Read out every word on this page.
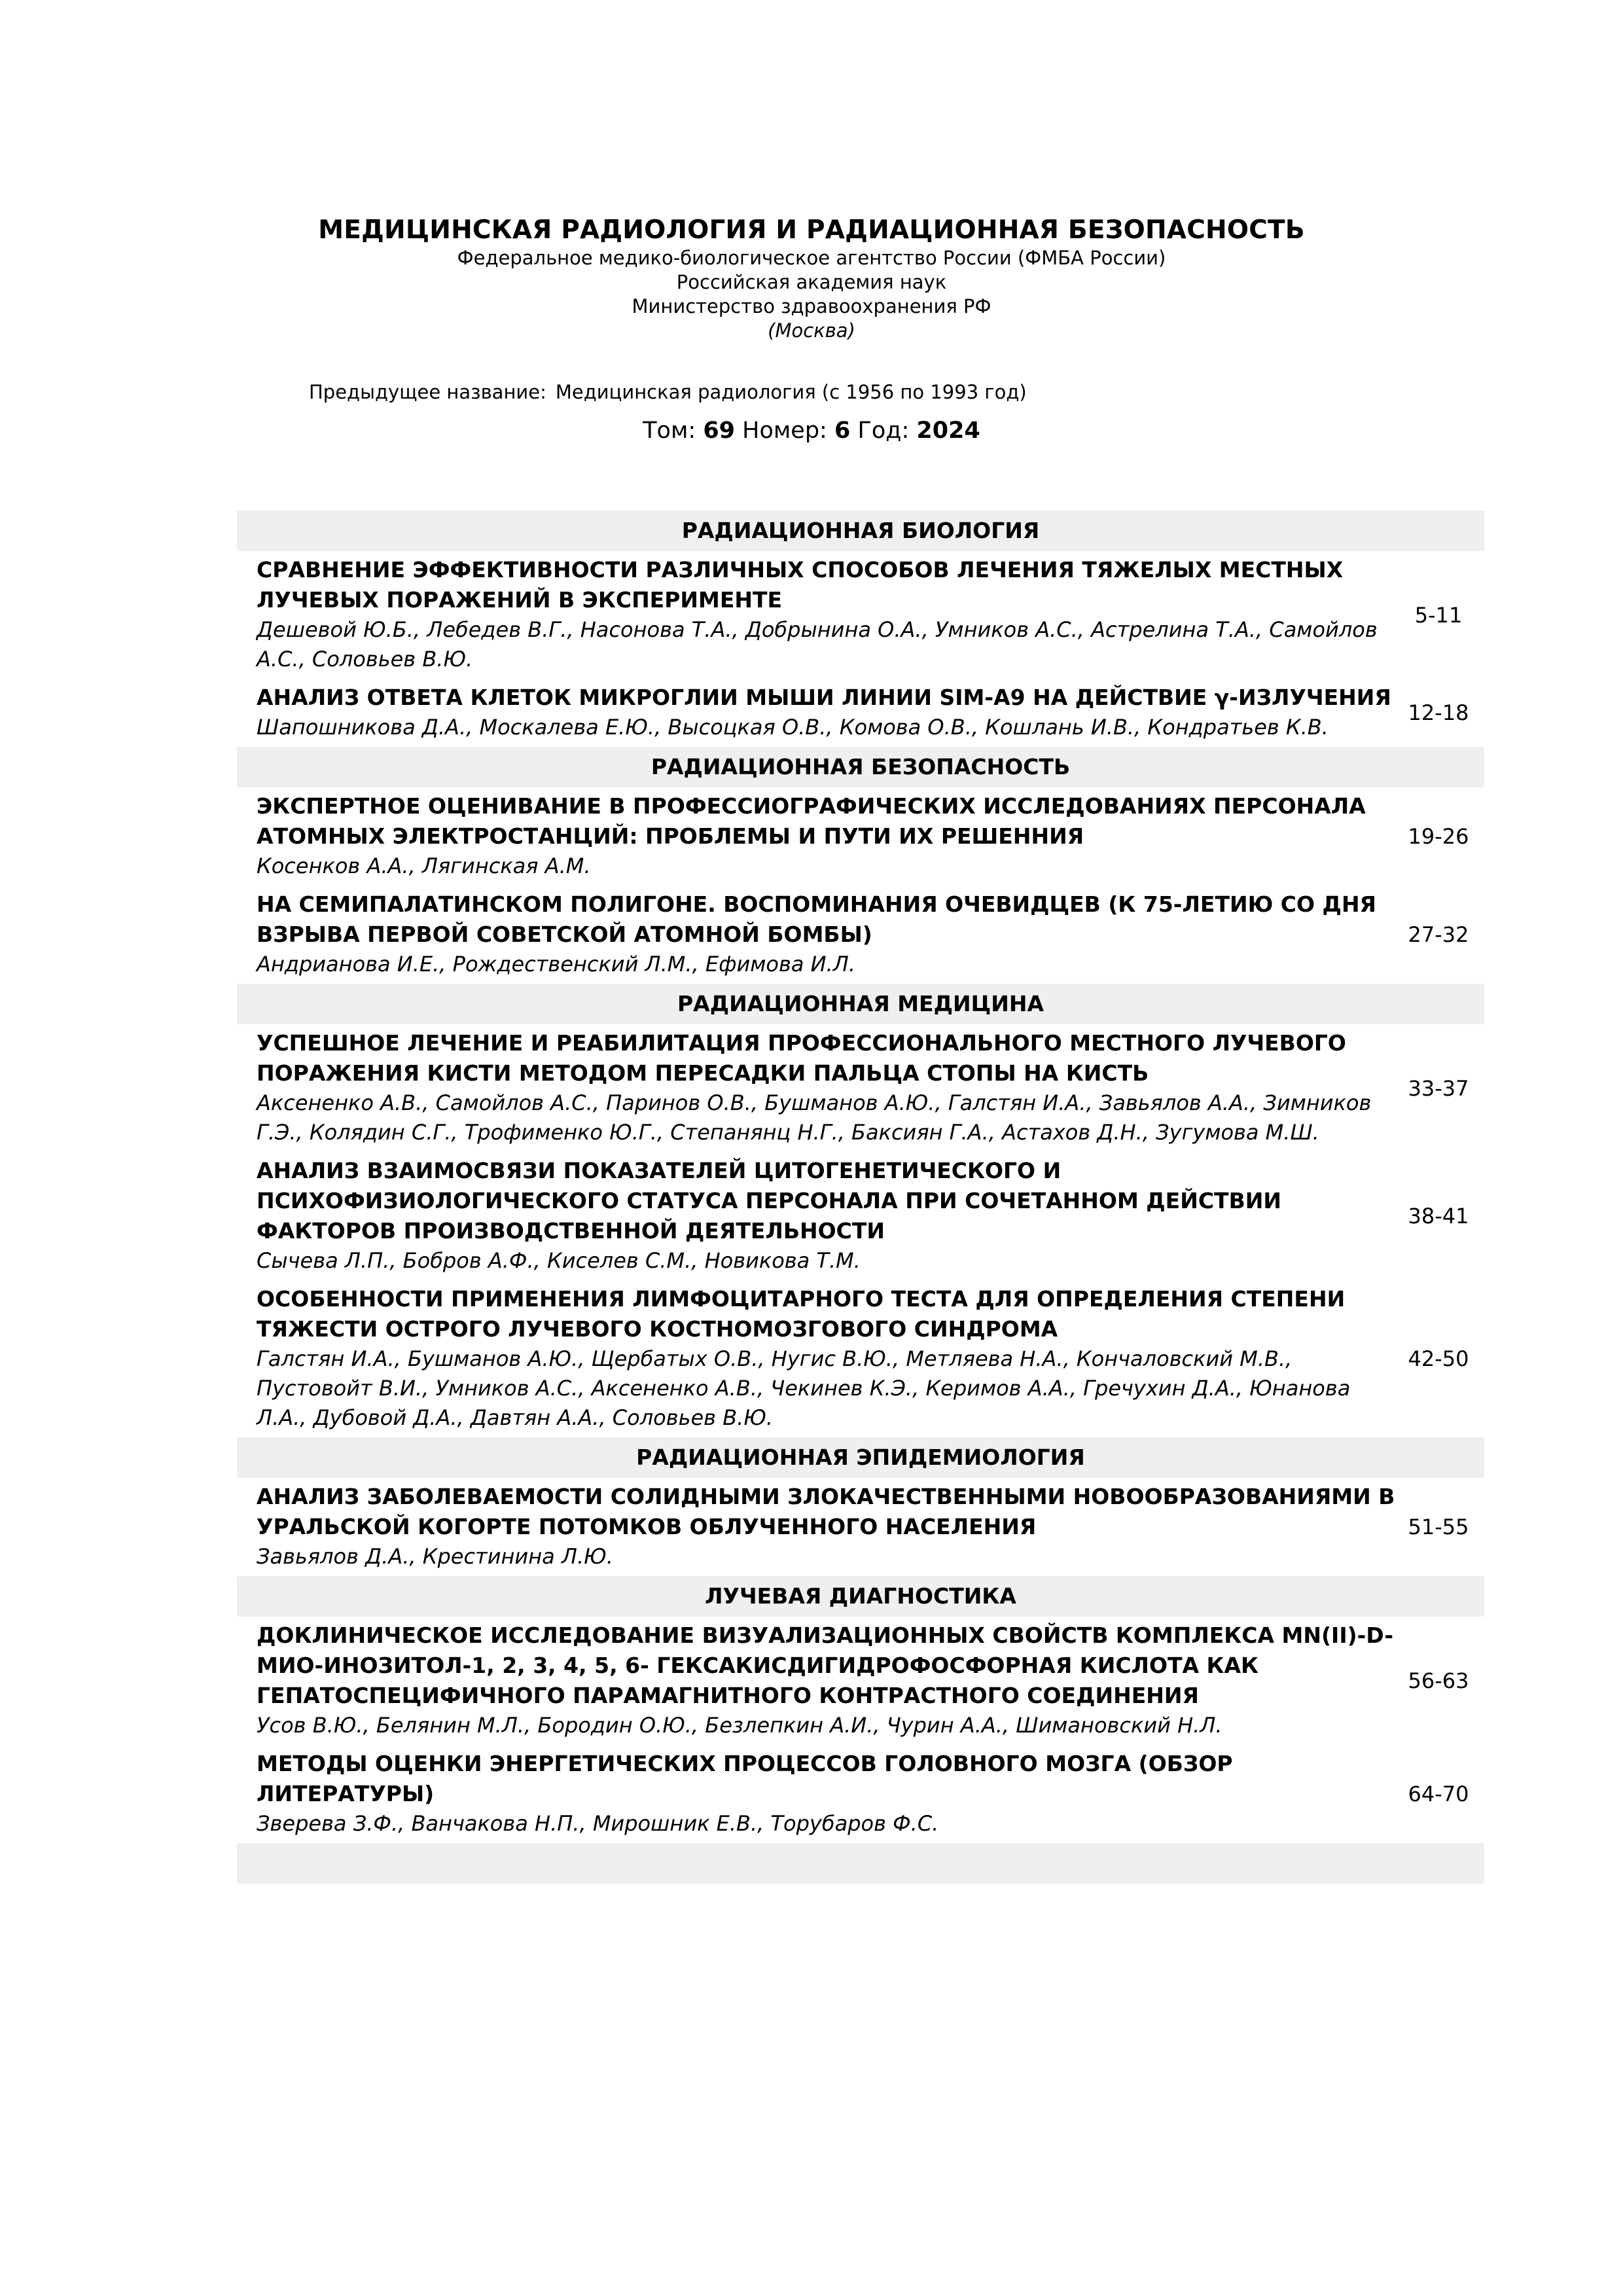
МЕДИЦИНСКАЯ РАДИОЛОГИЯ И РАДИАЦИОННАЯ БЕЗОПАСНОСТЬ
Федеральное медико-биологическое агентство России (ФМБА России)
Российская академия наук
Министерство здравоохранения РФ
(Москва)
Предыдущее название: Медицинская радиология (с 1956 по 1993 год)
Том: 69 Номер: 6 Год: 2024
РАДИАЦИОННАЯ БИОЛОГИЯ
СРАВНЕНИЕ ЭФФЕКТИВНОСТИ РАЗЛИЧНЫХ СПОСОБОВ ЛЕЧЕНИЯ ТЯЖЕЛЫХ МЕСТНЫХ ЛУЧЕВЫХ ПОРАЖЕНИЙ В ЭКСПЕРИМЕНТЕ
Дешевой Ю.Б., Лебедев В.Г., Насонова Т.А., Добрынина О.А., Умников А.С., Астрелина Т.А., Самойлов А.С., Соловьев В.Ю.
5-11
АНАЛИЗ ОТВЕТА КЛЕТОК МИКРОГЛИИ МЫШИ ЛИНИИ SIM-A9 НА ДЕЙСТВИЕ γ-ИЗЛУЧЕНИЯ
Шапошникова Д.А., Москалева Е.Ю., Высоцкая О.В., Комова О.В., Кошлань И.В., Кондратьев К.В.
12-18
РАДИАЦИОННАЯ БЕЗОПАСНОСТЬ
ЭКСПЕРТНОЕ ОЦЕНИВАНИЕ В ПРОФЕССИОГРАФИЧЕСКИХ ИССЛЕДОВАНИЯХ ПЕРСОНАЛА АТОМНЫХ ЭЛЕКТРОСТАНЦИЙ: ПРОБЛЕМЫ И ПУТИ ИХ РЕШЕННИЯ
Косенков А.А., Лягинская А.М.
19-26
НА СЕМИПАЛАТИНСКОМ ПОЛИГОНЕ. ВОСПОМИНАНИЯ ОЧЕВИДЦЕВ (К 75-ЛЕТИЮ СО ДНЯ ВЗРЫВА ПЕРВОЙ СОВЕТСКОЙ АТОМНОЙ БОМБЫ)
Андрианова И.Е., Рождественский Л.М., Ефимова И.Л.
27-32
РАДИАЦИОННАЯ МЕДИЦИНА
УСПЕШНОЕ ЛЕЧЕНИЕ И РЕАБИЛИТАЦИЯ ПРОФЕССИОНАЛЬНОГО МЕСТНОГО ЛУЧЕВОГО ПОРАЖЕНИЯ КИСТИ МЕТОДОМ ПЕРЕСАДКИ ПАЛЬЦА СТОПЫ НА КИСТЬ
Аксененко А.В., Самойлов А.С., Паринов О.В., Бушманов А.Ю., Галстян И.А., Завьялов А.А., Зимников Г.Э., Колядин С.Г., Трофименко Ю.Г., Степанянц Н.Г., Баксиян Г.А., Астахов Д.Н., Зугумова М.Ш.
33-37
АНАЛИЗ ВЗАИМОСВЯЗИ ПОКАЗАТЕЛЕЙ ЦИТОГЕНЕТИЧЕСКОГО И ПСИХОФИЗИОЛОГИЧЕСКОГО СТАТУСА ПЕРСОНАЛА ПРИ СОЧЕТАННОМ ДЕЙСТВИИ ФАКТОРОВ ПРОИЗВОДСТВЕННОЙ ДЕЯТЕЛЬНОСТИ
Сычева Л.П., Бобров А.Ф., Киселев С.М., Новикова Т.М.
38-41
ОСОБЕННОСТИ ПРИМЕНЕНИЯ ЛИМФОЦИТАРНОГО ТЕСТА ДЛЯ ОПРЕДЕЛЕНИЯ СТЕПЕНИ ТЯЖЕСТИ ОСТРОГО ЛУЧЕВОГО КОСТНОМОЗГОВОГО СИНДРОМА
Галстян И.А., Бушманов А.Ю., Щербатых О.В., Нугис В.Ю., Метляева Н.А., Кончаловский М.В., Пустовойт В.И., Умников А.С., Аксененко А.В., Чекинев К.Э., Керимов А.А., Гречухин Д.А., Юнанова Л.А., Дубовой Д.А., Давтян А.А., Соловьев В.Ю.
42-50
РАДИАЦИОННАЯ ЭПИДЕМИОЛОГИЯ
АНАЛИЗ ЗАБОЛЕВАЕМОСТИ СОЛИДНЫМИ ЗЛОКАЧЕСТВЕННЫМИ НОВООБРАЗОВАНИЯМИ В УРАЛЬСКОЙ КОГОРТЕ ПОТОМКОВ ОБЛУЧЕННОГО НАСЕЛЕНИЯ
Завьялов Д.А., Крестинина Л.Ю.
51-55
ЛУЧЕВАЯ ДИАГНОСТИКА
ДОКЛИНИЧЕСКОЕ ИССЛЕДОВАНИЕ ВИЗУАЛИЗАЦИОННЫХ СВОЙСТВ КОМПЛЕКСА MN(II)-D-МИО-ИНОЗИТОЛ-1, 2, 3, 4, 5, 6- ГЕКСАКИСДИГИДРОФОСФОРНАЯ КИСЛОТА КАК ГЕПАТОСПЕЦИФИЧНОГО ПАРАМАГНИТНОГО КОНТРАСТНОГО СОЕДИНЕНИЯ
Усов В.Ю., Белянин М.Л., Бородин О.Ю., Безлепкин А.И., Чурин А.А., Шимановский Н.Л.
56-63
МЕТОДЫ ОЦЕНКИ ЭНЕРГЕТИЧЕСКИХ ПРОЦЕССОВ ГОЛОВНОГО МОЗГА (ОБЗОР ЛИТЕРАТУРЫ)
Зверева З.Ф., Ванчакова Н.П., Мирошник Е.В., Торубаров Ф.С.
64-70
